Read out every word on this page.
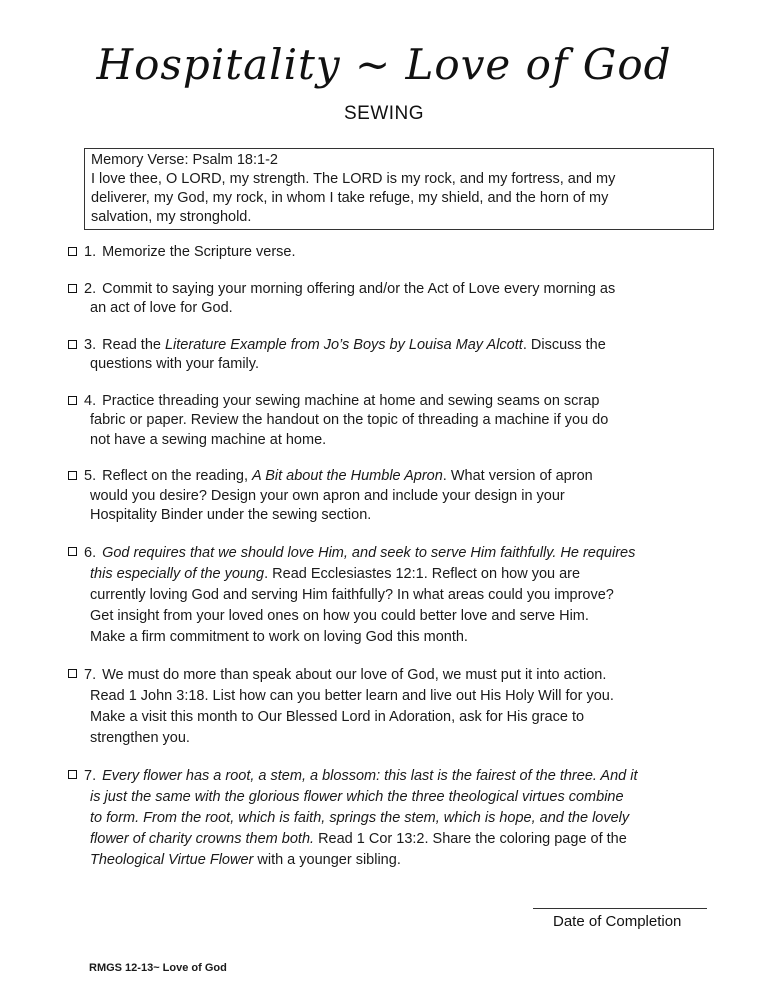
Hospitality ~ Love of God
SEWING
Memory Verse: Psalm 18:1-2
I love thee, O LORD, my strength. The LORD is my rock, and my fortress, and my
deliverer, my God, my rock, in whom I take refuge, my shield, and the horn of my
salvation, my stronghold.
1. Memorize the Scripture verse.
2. Commit to saying your morning offering and/or the Act of Love every morning as
an act of love for God.
3. Read the Literature Example from Jo’s Boys by Louisa May Alcott. Discuss the
questions with your family.
4. Practice threading your sewing machine at home and sewing seams on scrap
fabric or paper. Review the handout on the topic of threading a machine if you do
not have a sewing machine at home.
5. Reflect on the reading, A Bit about the Humble Apron. What version of apron
would you desire? Design your own apron and include your design in your
Hospitality Binder under the sewing section.
6. God requires that we should love Him, and seek to serve Him faithfully. He requires
this especially of the young. Read Ecclesiastes 12:1. Reflect on how you are
currently loving God and serving Him faithfully? In what areas could you improve?
Get insight from your loved ones on how you could better love and serve Him.
Make a firm commitment to work on loving God this month.
7. We must do more than speak about our love of God, we must put it into action.
Read 1 John 3:18. List how can you better learn and live out His Holy Will for you.
Make a visit this month to Our Blessed Lord in Adoration, ask for His grace to
strengthen you.
7. Every flower has a root, a stem, a blossom: this last is the fairest of the three. And it
is just the same with the glorious flower which the three theological virtues combine
to form. From the root, which is faith, springs the stem, which is hope, and the lovely
flower of charity crowns them both. Read 1 Cor 13:2. Share the coloring page of the
Theological Virtue Flower with a younger sibling.
Date of Completion
RMGS 12-13~ Love of God
